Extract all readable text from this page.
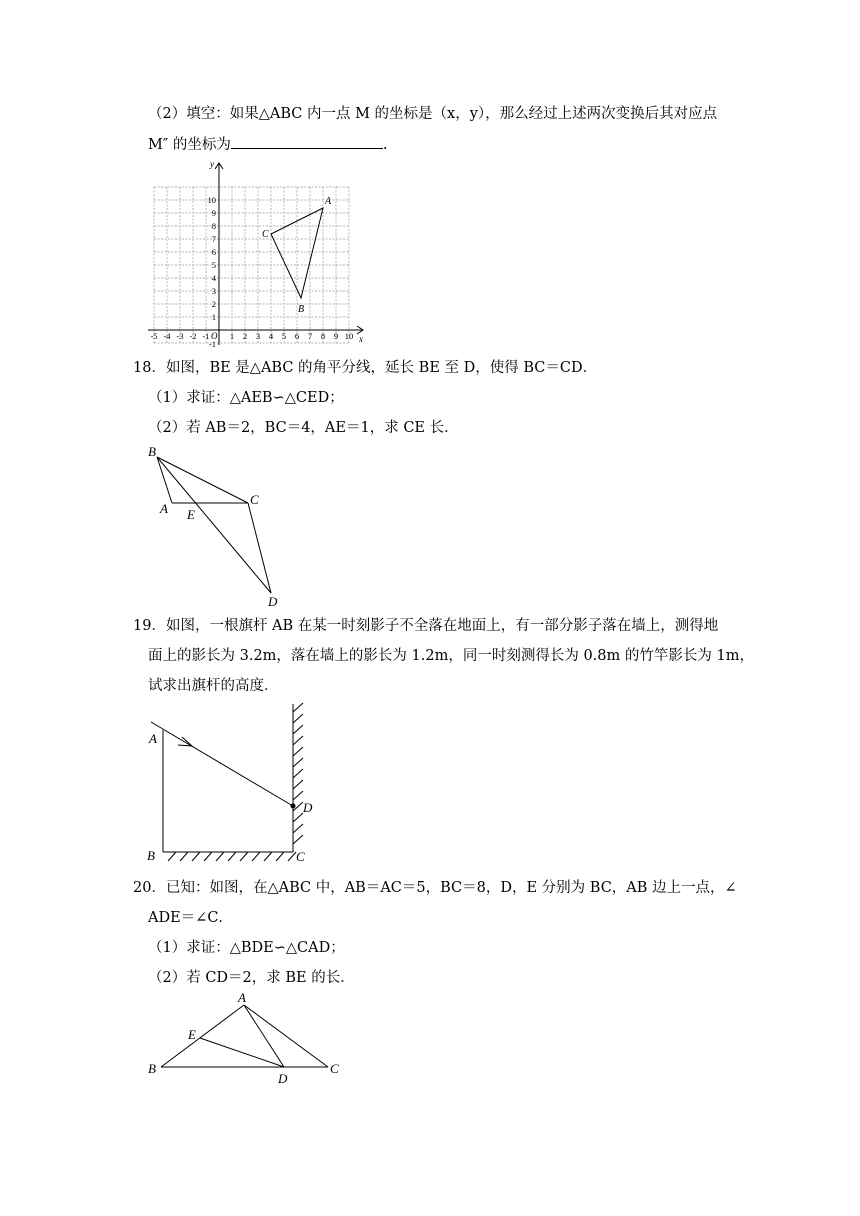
（2）填空：如果△ABC 内一点 M 的坐标是（x，y），那么经过上述两次变换后其对应点
M″ 的坐标为	.
-5 -4 -3 -2 -1 1 2 3 4 5 6 7 8 9 10
1
2
3
4
5
6
7
8
9
10
O	x
y
-1
A
B
C
18．如图，BE 是△ABC 的角平分线，延长 BE 至 D，使得 BC＝CD．
（1）求证：△AEB∽△CED；
（2）若 AB＝2，BC＝4，AE＝1，求 CE 长．
B
A E
C
D
19．如图，一根旗杆 AB 在某一时刻影子不全落在地面上，有一部分影子落在墙上，测得地
面上的影长为 3.2m，落在墙上的影长为 1.2m，同一时刻测得长为 0.8m 的竹竿影长为 1m，
试求出旗杆的高度．
A
B	C
D
20．已知：如图，在△ABC 中，AB＝AC＝5，BC＝8，D，E 分别为 BC，AB 边上一点，∠
ADE＝∠C．
（1）求证：△BDE∽△CAD；
（2）若 CD＝2，求 BE 的长．
A
E
B
D
C
